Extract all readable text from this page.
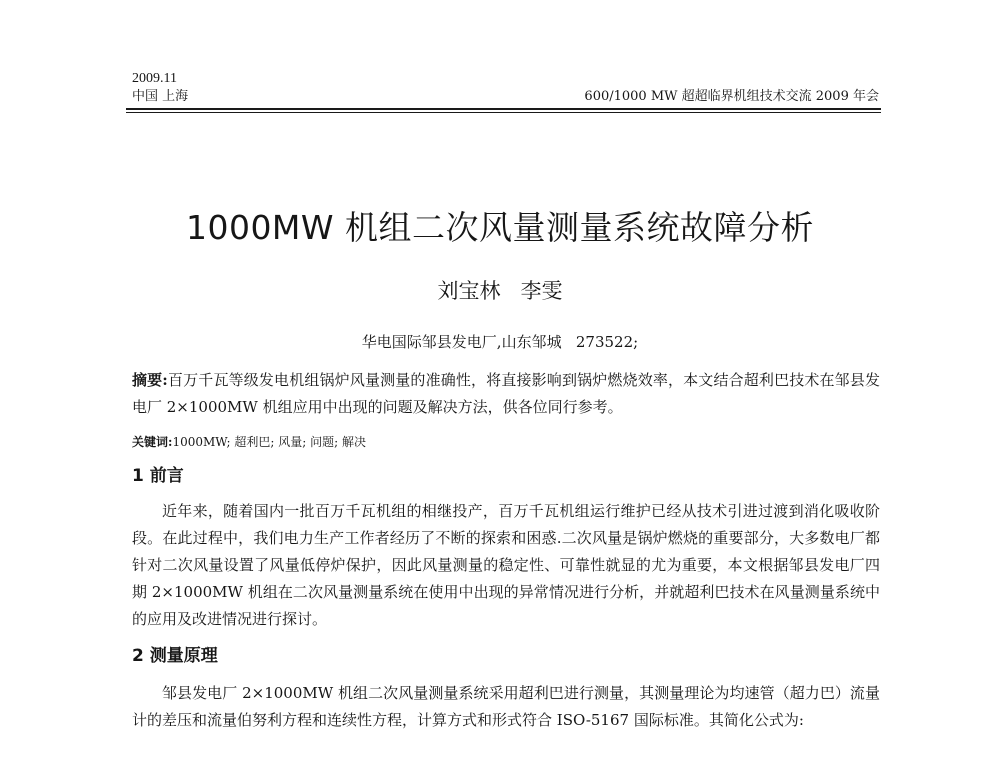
2009.11
中国 上海	600/1000 MW 超超临界机组技术交流 2009 年会
1000MW 机组二次风量测量系统故障分析
刘宝林   李雯
华电国际邹县发电厂,山东邹城   273522;
摘要:百万千瓦等级发电机组锅炉风量测量的准确性，将直接影响到锅炉燃烧效率，本文结合超利巴技术在邹县发电厂 2×1000MW 机组应用中出现的问题及解决方法，供各位同行参考。
关键词:1000MW; 超利巴; 风量; 问题; 解决
1 前言
近年来，随着国内一批百万千瓦机组的相继投产，百万千瓦机组运行维护已经从技术引进过渡到消化吸收阶段。在此过程中，我们电力生产工作者经历了不断的探索和困惑.二次风量是锅炉燃烧的重要部分，大多数电厂都针对二次风量设置了风量低停炉保护，因此风量测量的稳定性、可靠性就显的尤为重要，本文根据邹县发电厂四期 2×1000MW 机组在二次风量测量系统在使用中出现的异常情况进行分析，并就超利巴技术在风量测量系统中的应用及改进情况进行探讨。
2 测量原理
邹县发电厂 2×1000MW 机组二次风量测量系统采用超利巴进行测量，其测量理论为均速管（超力巴）流量计的差压和流量伯努利方程和连续性方程，计算方式和形式符合 ISO-5167 国际标准。其简化公式为:
